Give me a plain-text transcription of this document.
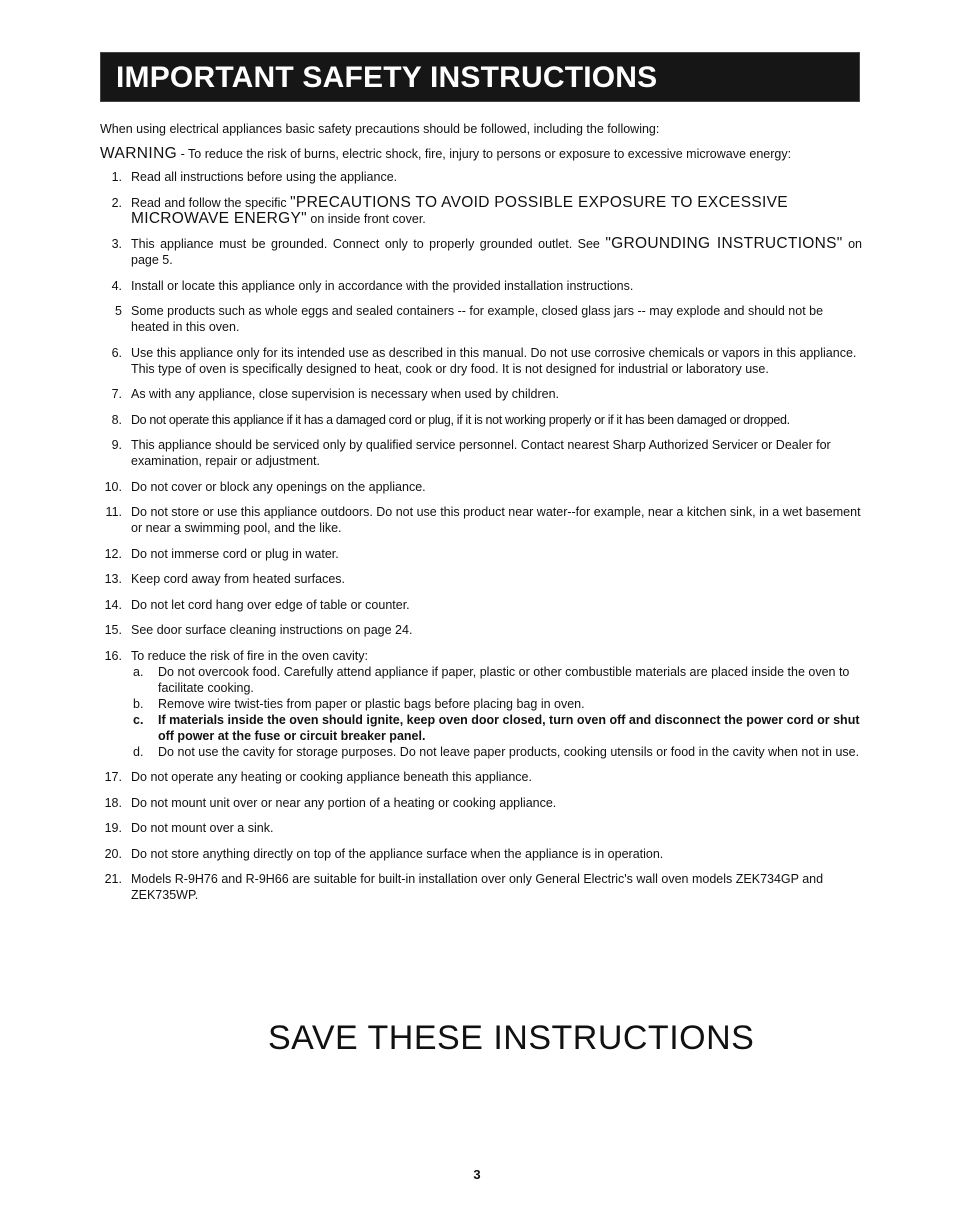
IMPORTANT SAFETY INSTRUCTIONS

When using electrical appliances basic safety precautions should be followed, including the following:

WARNING - To reduce the risk of burns, electric shock, fire, injury to persons or exposure to excessive microwave energy:

1. Read all instructions before using the appliance.
2. Read and follow the specific "PRECAUTIONS TO AVOID POSSIBLE EXPOSURE TO EXCESSIVE MICROWAVE ENERGY" on inside front cover.
3. This appliance must be grounded. Connect only to properly grounded outlet. See "GROUNDING INSTRUCTIONS" on page 5.
4. Install or locate this appliance only in accordance with the provided installation instructions.
5 Some products such as whole eggs and sealed containers -- for example, closed glass jars -- may explode and should not be heated in this oven.
6. Use this appliance only for its intended use as described in this manual. Do not use corrosive chemicals or vapors in this appliance. This type of oven is specifically designed to heat, cook or dry food. It is not designed for industrial or laboratory use.
7. As with any appliance, close supervision is necessary when used by children.
8. Do not operate this appliance if it has a damaged cord or plug, if it is not working properly or if it has been damaged or dropped.
9. This appliance should be serviced only by qualified service personnel. Contact nearest Sharp Authorized Servicer or Dealer for examination, repair or adjustment.
10. Do not cover or block any openings on the appliance.
11. Do not store or use this appliance outdoors. Do not use this product near water--for example, near a kitchen sink, in a wet basement or near a swimming pool, and the like.
12. Do not immerse cord or plug in water.
13. Keep cord away from heated surfaces.
14. Do not let cord hang over edge of table or counter.
15. See door surface cleaning instructions on page 24.
16. To reduce the risk of fire in the oven cavity:
a. Do not overcook food. Carefully attend appliance if paper, plastic or other combustible materials are placed inside the oven to facilitate cooking.
b. Remove wire twist-ties from paper or plastic bags before placing bag in oven.
c. If materials inside the oven should ignite, keep oven door closed, turn oven off and disconnect the power cord or shut off power at the fuse or circuit breaker panel.
d. Do not use the cavity for storage purposes. Do not leave paper products, cooking utensils or food in the cavity when not in use.
17. Do not operate any heating or cooking appliance beneath this appliance.
18. Do not mount unit over or near any portion of a heating or cooking appliance.
19. Do not mount over a sink.
20. Do not store anything directly on top of the appliance surface when the appliance is in operation.
21. Models R-9H76 and R-9H66 are suitable for built-in installation over only General Electric's wall oven models ZEK734GP and ZEK735WP.
SAVE THESE INSTRUCTIONS
3
